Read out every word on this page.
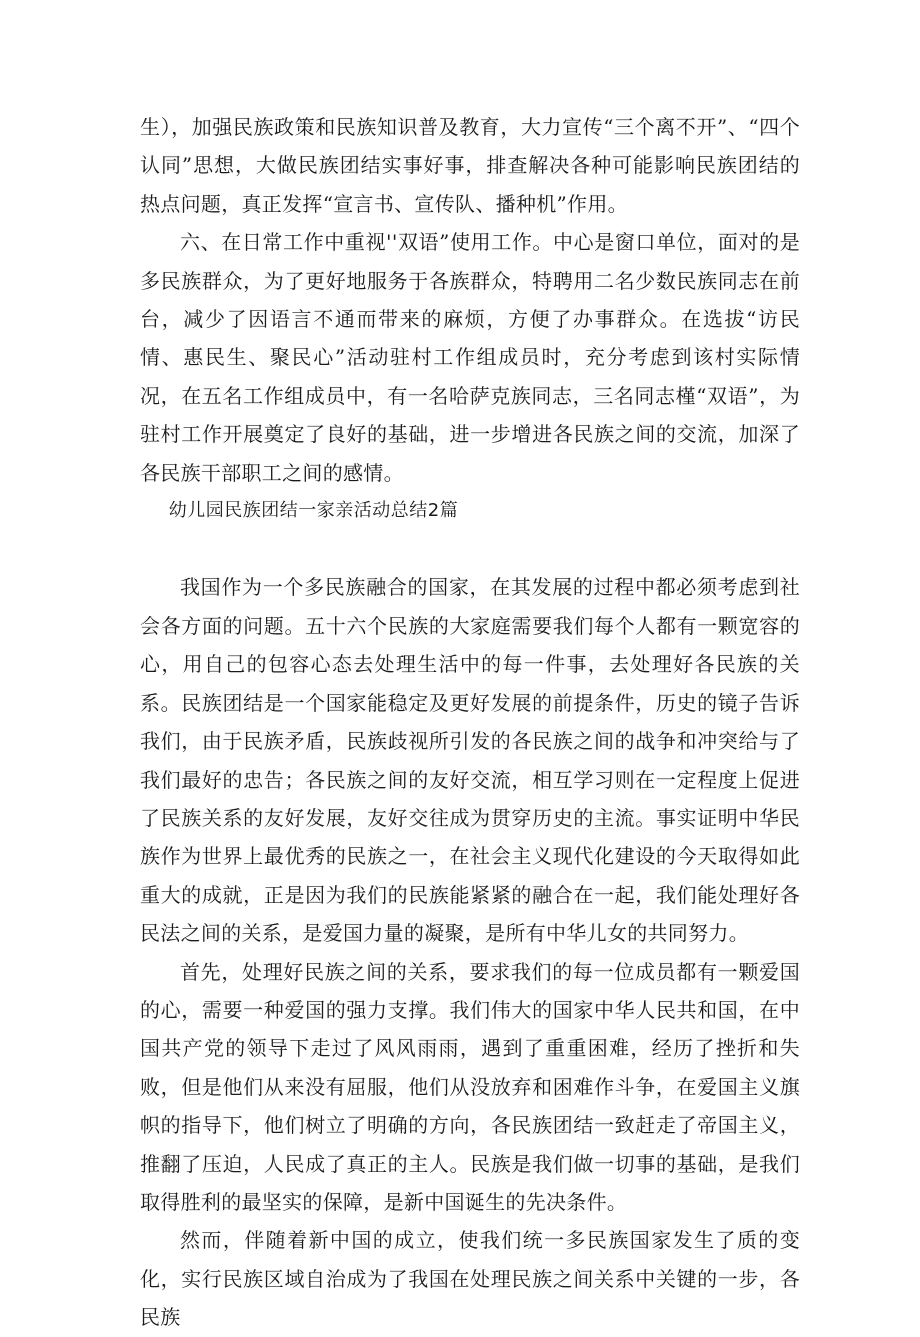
生），加强民族政策和民族知识普及教育，大力宣传“三个离不开”、“四个认同”思想，大做民族团结实事好事，排查解决各种可能影响民族团结的热点问题，真正发挥“宣言书、宣传队、播种机”作用。

六、在日常工作中重视''双语”使用工作。中心是窗口单位，面对的是多民族群众，为了更好地服务于各族群众，特聘用二名少数民族同志在前台，减少了因语言不通而带来的麻烦，方便了办事群众。在选拔“访民情、惠民生、聚民心”活动驻村工作组成员时，充分考虑到该村实际情况，在五名工作组成员中，有一名哈萨克族同志，三名同志槿“双语”，为驻村工作开展奠定了良好的基础，进一步增进各民族之间的交流，加深了各民族干部职工之间的感情。

幼儿园民族团结一家亲活动总结2篇

我国作为一个多民族融合的国家，在其发展的过程中都必须考虑到社会各方面的问题。五十六个民族的大家庭需要我们每个人都有一颗宽容的心，用自己的包容心态去处理生活中的每一件事，去处理好各民族的关系。民族团结是一个国家能稳定及更好发展的前提条件，历史的镜子告诉我们，由于民族矛盾，民族歧视所引发的各民族之间的战争和冲突给与了我们最好的忠告；各民族之间的友好交流，相互学习则在一定程度上促进了民族关系的友好发展，友好交往成为贯穿历史的主流。事实证明中华民族作为世界上最优秀的民族之一，在社会主义现代化建设的今天取得如此重大的成就，正是因为我们的民族能紧紧的融合在一起，我们能处理好各民法之间的关系，是爱国力量的凝聚，是所有中华儿女的共同努力。

首先，处理好民族之间的关系，要求我们的每一位成员都有一颗爱国的心，需要一种爱国的强力支撑。我们伟大的国家中华人民共和国，在中国共产党的领导下走过了风风雨雨，遇到了重重困难，经历了挫折和失败，但是他们从来没有屈服，他们从没放弃和困难作斗争，在爱国主义旗帜的指导下，他们树立了明确的方向，各民族团结一致赶走了帝国主义，推翻了压迫，人民成了真正的主人。民族是我们做一切事的基础，是我们取得胜利的最坚实的保障，是新中国诞生的先决条件。

然而，伴随着新中国的成立，使我们统一多民族国家发生了质的变化，实行民族区域自治成为了我国在处理民族之间关系中关键的一步，各民族
